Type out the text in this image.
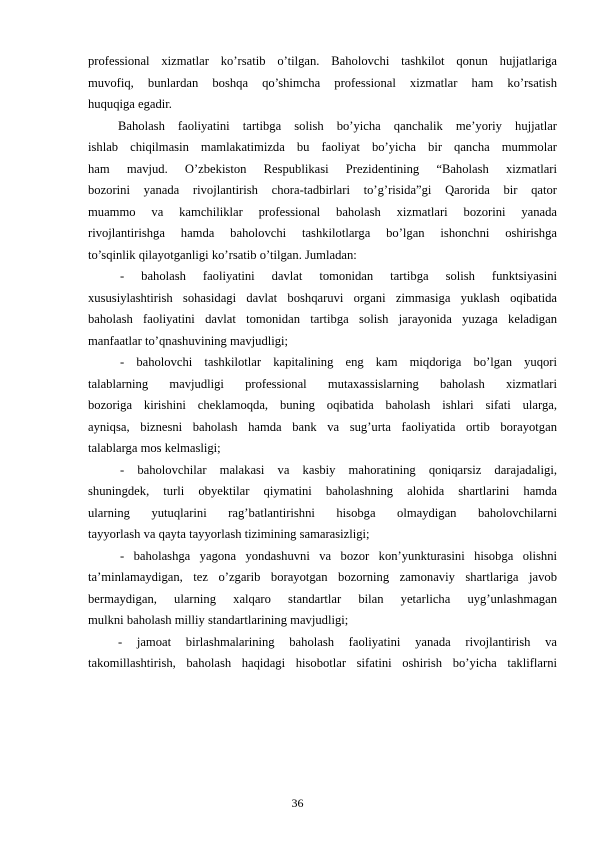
professional xizmatlar ko’rsatib o’tilgan. Baholovchi tashkilot qonun hujjatlariga
muvofiq, bunlardan boshqa qo’shimcha professional xizmatlar ham ko’rsatish
huquqiga egadir.
Baholash faoliyatini tartibga solish bo’yicha qanchalik me’yoriy hujjatlar
ishlab chiqilmasin mamlakatimizda bu faoliyat bo’yicha bir qancha mummolar
ham mavjud. O’zbekiston Respublikasi Prezidentining “Baholash xizmatlari
bozorini yanada rivojlantirish chora-tadbirlari to’g’risida”gi Qarorida bir qator
muammo va kamchiliklar professional baholash xizmatlari bozorini yanada
rivojlantirishga hamda baholovchi tashkilotlarga bo’lgan ishonchni oshirishga
to’sqinlik qilayotganligi ko’rsatib o’tilgan. Jumladan:
- baholash faoliyatini davlat tomonidan tartibga solish funktsiyasini
xususiylashtirish sohasidagi davlat boshqaruvi organi zimmasiga yuklash oqibatida
baholash faoliyatini davlat tomonidan tartibga solish jarayonida yuzaga keladigan
manfaatlar to’qnashuvining mavjudligi;
- baholovchi tashkilotlar kapitalining eng kam miqdoriga bo’lgan yuqori
talablarning mavjudligi professional mutaxassislarning baholash xizmatlari
bozoriga kirishini cheklamoqda, buning oqibatida baholash ishlari sifati ularga,
ayniqsa, biznesni baholash hamda bank va sug’urta faoliyatida ortib borayotgan
talablarga mos kelmasligi;
- baholovchilar malakasi va kasbiy mahoratining qoniqarsiz darajadaligi,
shuningdek, turli obyektilar qiymatini baholashning alohida shartlarini hamda
ularning yutuqlarini rag’batlantirishni hisobga olmaydigan baholovchilarni
tayyorlash va qayta tayyorlash tizimining samarasizligi;
- baholashga yagona yondashuvni va bozor kon’yunkturasini hisobga olishni
ta’minlamaydigan, tez o’zgarib borayotgan bozorning zamonaviy shartlariga javob
bermaydigan, ularning xalqaro standartlar bilan yetarlicha uyg’unlashmagan
mulkni baholash milliy standartlarining mavjudligi;
- jamoat birlashmalarining baholash faoliyatini yanada rivojlantirish va
takomillashtirish, baholash haqidagi hisobotlar sifatini oshirish bo’yicha takliflarni
36
